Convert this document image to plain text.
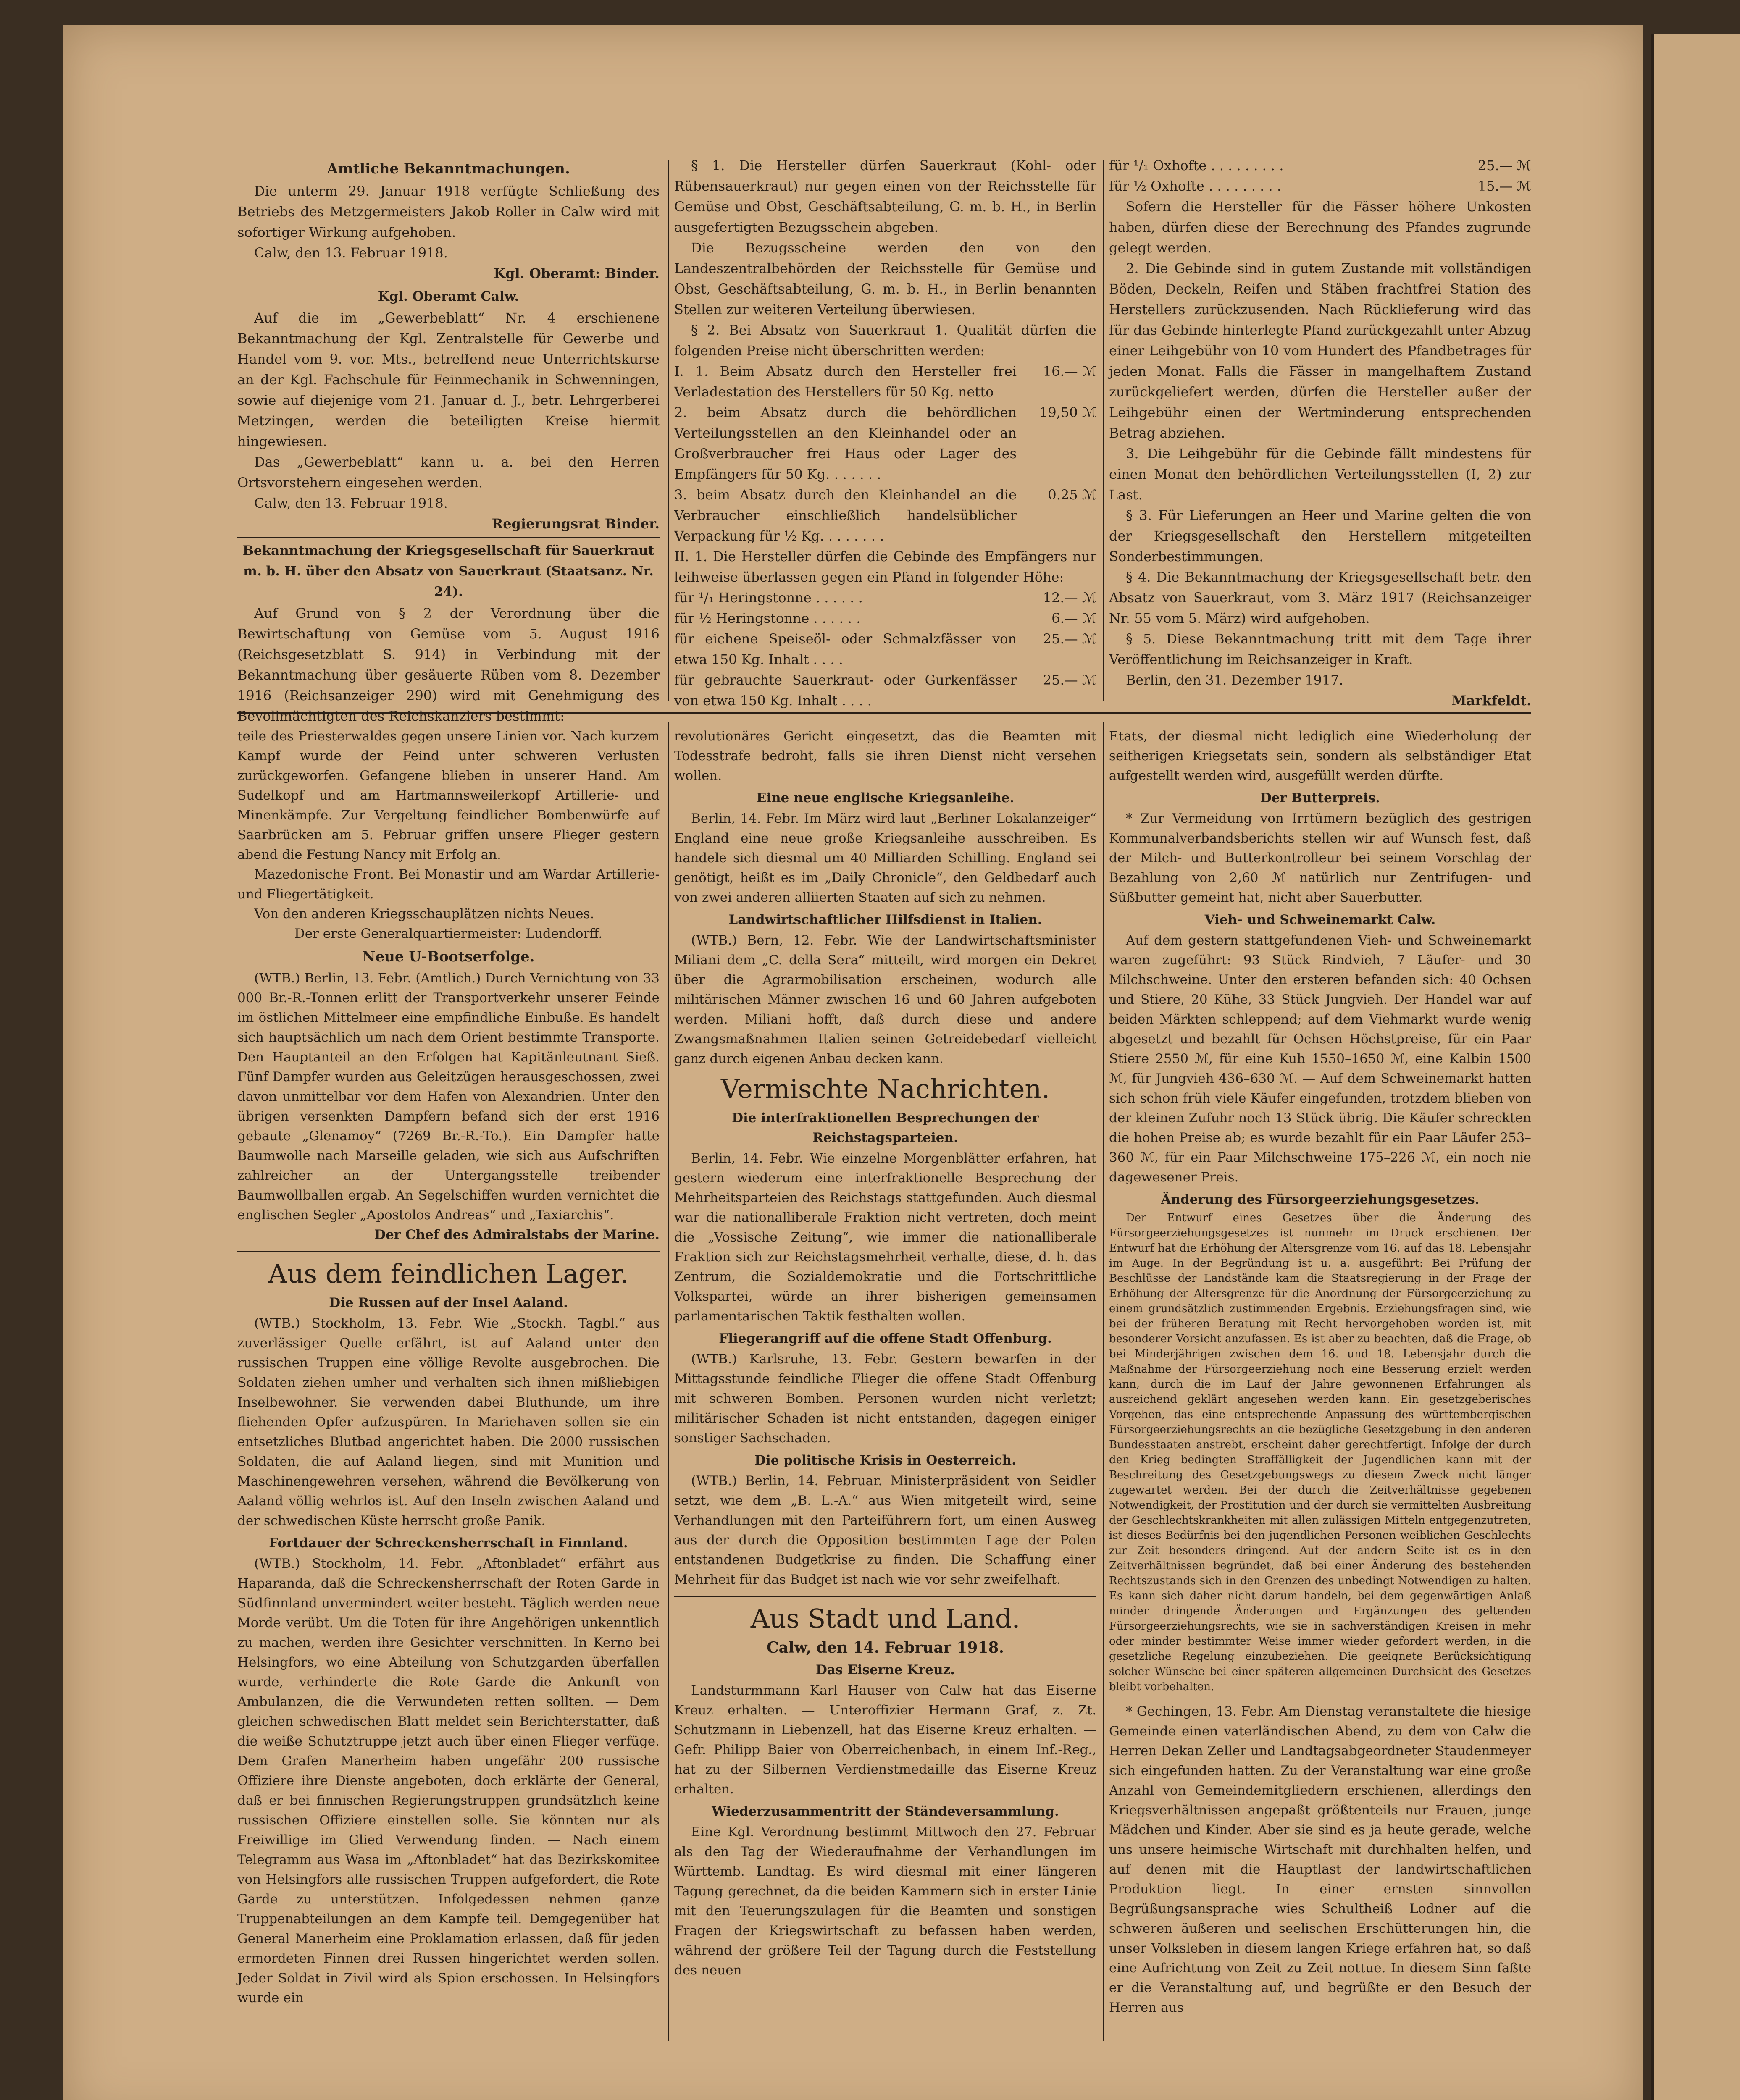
Amtliche Bekanntmachungen.

Die unterm 29. Januar 1918 verfügte Schließung des Betriebs des Metzgermeisters Jakob Roller in Calw wird mit sofortiger Wirkung aufgehoben.

Calw, den 13. Februar 1918.

Kgl. Oberamt: Binder.
Kgl. Oberamt Calw.

Auf die im „Gewerbeblatt“ Nr. 4 erschienene Bekanntmachung der Kgl. Zentralstelle für Gewerbe und Handel vom 9. vor. Mts., betreffend neue Unterrichtskurse an der Kgl. Fachschule für Feinmechanik in Schwenningen, sowie auf diejenige vom 21. Januar d. J., betr. Lehrgerberei Metzingen, werden die beteiligten Kreise hiermit hingewiesen.

Das „Gewerbeblatt“ kann u. a. bei den Herren Ortsvorstehern eingesehen werden.

Calw, den 13. Februar 1918.

Regierungsrat Binder.
Bekanntmachung der Kriegsgesellschaft für Sauerkraut m. b. H. über den Absatz von Sauerkraut (Staatsanz. Nr. 24).

Auf Grund von § 2 der Verordnung über die Bewirtschaftung von Gemüse vom 5. August 1916 (Reichsgesetzblatt S. 914) in Verbindung mit der Bekanntmachung über gesäuerte Rüben vom 8. Dezember 1916 (Reichsanzeiger 290) wird mit Genehmigung des Bevollmächtigten des Reichskanzlers bestimmt:

§ 1. Die Hersteller dürfen Sauerkraut (Kohl- oder Rübensauerkraut) nur gegen einen von der Reichsstelle für Gemüse und Obst, Geschäftsabteilung, G. m. b. H., in Berlin ausgefertigten Bezugsschein abgeben.

Die Bezugsscheine werden den von den Landeszentralbehörden der Reichsstelle für Gemüse und Obst, Geschäftsabteilung, G. m. b. H., in Berlin benannten Stellen zur weiteren Verteilung überwiesen.

§ 2. Bei Absatz von Sauerkraut 1. Qualität dürfen die folgenden Preise nicht überschritten werden:

I. 1. Beim Absatz durch den Hersteller frei Verladestation des Herstellers für 50 Kg. netto
16.— ℳ
2. beim Absatz durch die behördlichen Verteilungsstellen an den Kleinhandel oder an Großverbraucher frei Haus oder Lager des Empfängers für 50 Kg. . . . . . .
19,50 ℳ
3. beim Absatz durch den Kleinhandel an die Verbraucher einschließlich handelsüblicher Verpackung für ½ Kg. . . . . . . .
0.25 ℳ

II. 1. Die Hersteller dürfen die Gebinde des Empfängers nur leihweise überlassen gegen ein Pfand in folgender Höhe:

für ¹/₁ Heringstonne . . . . . .	12.— ℳ
für ½ Heringstonne . . . . . .	6.— ℳ
für eichene Speiseöl- oder Schmalzfässer von etwa 150 Kg. Inhalt . . . .
25.— ℳ
für gebrauchte Sauerkraut- oder Gurkenfässer von etwa 150 Kg. Inhalt . . . .
25.— ℳ
für ¹/₁ Oxhofte . . . . . . . . .	25.— ℳ
für ½ Oxhofte . . . . . . . . .	15.— ℳ

Sofern die Hersteller für die Fässer höhere Unkosten haben, dürfen diese der Berechnung des Pfandes zugrunde gelegt werden.

2. Die Gebinde sind in gutem Zustande mit vollständigen Böden, Deckeln, Reifen und Stäben frachtfrei Station des Herstellers zurückzusenden. Nach Rücklieferung wird das für das Gebinde hinterlegte Pfand zurückgezahlt unter Abzug einer Leihgebühr von 10 vom Hundert des Pfandbetrages für jeden Monat. Falls die Fässer in mangelhaftem Zustand zurückgeliefert werden, dürfen die Hersteller außer der Leihgebühr einen der Wertminderung entsprechenden Betrag abziehen.

3. Die Leihgebühr für die Gebinde fällt mindestens für einen Monat den behördlichen Verteilungsstellen (I, 2) zur Last.

§ 3. Für Lieferungen an Heer und Marine gelten die von der Kriegsgesellschaft den Herstellern mitgeteilten Sonderbestimmungen.

§ 4. Die Bekanntmachung der Kriegsgesellschaft betr. den Absatz von Sauerkraut, vom 3. März 1917 (Reichsanzeiger Nr. 55 vom 5. März) wird aufgehoben.

§ 5. Diese Bekanntmachung tritt mit dem Tage ihrer Veröffentlichung im Reichsanzeiger in Kraft.

Berlin, den 31. Dezember 1917.

Markfeldt.

teile des Priesterwaldes gegen unsere Linien vor. Nach kurzem Kampf wurde der Feind unter schweren Verlusten zurückgeworfen. Gefangene blieben in unserer Hand. Am Sudelkopf und am Hartmannsweilerkopf Artillerie- und Minenkämpfe. Zur Vergeltung feindlicher Bombenwürfe auf Saarbrücken am 5. Februar griffen unsere Flieger gestern abend die Festung Nancy mit Erfolg an.

Mazedonische Front. Bei Monastir und am Wardar Artillerie- und Fliegertätigkeit.

Von den anderen Kriegsschauplätzen nichts Neues.

Der erste Generalquartiermeister: Ludendorff.
Neue U-Bootserfolge.

(WTB.) Berlin, 13. Febr. (Amtlich.) Durch Vernichtung von 33 000 Br.-R.-Tonnen erlitt der Transportverkehr unserer Feinde im östlichen Mittelmeer eine empfindliche Einbuße. Es handelt sich hauptsächlich um nach dem Orient bestimmte Transporte. Den Hauptanteil an den Erfolgen hat Kapitänleutnant Sieß. Fünf Dampfer wurden aus Geleitzügen herausgeschossen, zwei davon unmittelbar vor dem Hafen von Alexandrien. Unter den übrigen versenkten Dampfern befand sich der erst 1916 gebaute „Glenamoy“ (7269 Br.-R.-To.). Ein Dampfer hatte Baumwolle nach Marseille geladen, wie sich aus Aufschriften zahlreicher an der Untergangsstelle treibender Baumwollballen ergab. An Segelschiffen wurden vernichtet die englischen Segler „Apostolos Andreas“ und „Taxiarchis“.

Der Chef des Admiralstabs der Marine.
Aus dem feindlichen Lager.
Die Russen auf der Insel Aaland.

(WTB.) Stockholm, 13. Febr. Wie „Stockh. Tagbl.“ aus zuverlässiger Quelle erfährt, ist auf Aaland unter den russischen Truppen eine völlige Revolte ausgebrochen. Die Soldaten ziehen umher und verhalten sich ihnen mißliebigen Inselbewohner. Sie verwenden dabei Bluthunde, um ihre fliehenden Opfer aufzuspüren. In Mariehaven sollen sie ein entsetzliches Blutbad angerichtet haben. Die 2000 russischen Soldaten, die auf Aaland liegen, sind mit Munition und Maschinengewehren versehen, während die Bevölkerung von Aaland völlig wehrlos ist. Auf den Inseln zwischen Aaland und der schwedischen Küste herrscht große Panik.

Fortdauer der Schreckensherrschaft in Finnland.

(WTB.) Stockholm, 14. Febr. „Aftonbladet“ erfährt aus Haparanda, daß die Schreckensherrschaft der Roten Garde in Südfinnland unvermindert weiter besteht. Täglich werden neue Morde verübt. Um die Toten für ihre Angehörigen unkenntlich zu machen, werden ihre Gesichter verschnitten. In Kerno bei Helsingfors, wo eine Abteilung von Schutzgarden überfallen wurde, verhinderte die Rote Garde die Ankunft von Ambulanzen, die die Verwundeten retten sollten. — Dem gleichen schwedischen Blatt meldet sein Berichterstatter, daß die weiße Schutztruppe jetzt auch über einen Flieger verfüge. Dem Grafen Manerheim haben ungefähr 200 russische Offiziere ihre Dienste angeboten, doch erklärte der General, daß er bei finnischen Regierungstruppen grundsätzlich keine russischen Offiziere einstellen solle. Sie könnten nur als Freiwillige im Glied Verwendung finden. — Nach einem Telegramm aus Wasa im „Aftonbladet“ hat das Bezirkskomitee von Helsingfors alle russischen Truppen aufgefordert, die Rote Garde zu unterstützen. Infolgedessen nehmen ganze Truppenabteilungen an dem Kampfe teil. Demgegenüber hat General Manerheim eine Proklamation erlassen, daß für jeden ermordeten Finnen drei Russen hingerichtet werden sollen. Jeder Soldat in Zivil wird als Spion erschossen. In Helsingfors wurde ein

revolutionäres Gericht eingesetzt, das die Beamten mit Todesstrafe bedroht, falls sie ihren Dienst nicht versehen wollen.

Eine neue englische Kriegsanleihe.

Berlin, 14. Febr. Im März wird laut „Berliner Lokalanzeiger“ England eine neue große Kriegsanleihe ausschreiben. Es handele sich diesmal um 40 Milliarden Schilling. England sei genötigt, heißt es im „Daily Chronicle“, den Geldbedarf auch von zwei anderen alliierten Staaten auf sich zu nehmen.

Landwirtschaftlicher Hilfsdienst in Italien.

(WTB.) Bern, 12. Febr. Wie der Landwirtschaftsminister Miliani dem „C. della Sera“ mitteilt, wird morgen ein Dekret über die Agrarmobilisation erscheinen, wodurch alle militärischen Männer zwischen 16 und 60 Jahren aufgeboten werden. Miliani hofft, daß durch diese und andere Zwangsmaßnahmen Italien seinen Getreidebedarf vielleicht ganz durch eigenen Anbau decken kann.

Vermischte Nachrichten.
Die interfraktionellen Besprechungen der Reichstagsparteien.

Berlin, 14. Febr. Wie einzelne Morgenblätter erfahren, hat gestern wiederum eine interfraktionelle Besprechung der Mehrheitsparteien des Reichstags stattgefunden. Auch diesmal war die nationalliberale Fraktion nicht vertreten, doch meint die „Vossische Zeitung“, wie immer die nationalliberale Fraktion sich zur Reichstagsmehrheit verhalte, diese, d. h. das Zentrum, die Sozialdemokratie und die Fortschrittliche Volkspartei, würde an ihrer bisherigen gemeinsamen parlamentarischen Taktik festhalten wollen.

Fliegerangriff auf die offene Stadt Offenburg.

(WTB.) Karlsruhe, 13. Febr. Gestern bewarfen in der Mittagsstunde feindliche Flieger die offene Stadt Offenburg mit schweren Bomben. Personen wurden nicht verletzt; militärischer Schaden ist nicht entstanden, dagegen einiger sonstiger Sachschaden.

Die politische Krisis in Oesterreich.

(WTB.) Berlin, 14. Februar. Ministerpräsident von Seidler setzt, wie dem „B. L.-A.“ aus Wien mitgeteilt wird, seine Verhandlungen mit den Parteiführern fort, um einen Ausweg aus der durch die Opposition bestimmten Lage der Polen entstandenen Budgetkrise zu finden. Die Schaffung einer Mehrheit für das Budget ist nach wie vor sehr zweifelhaft.

Aus Stadt und Land.
Calw, den 14. Februar 1918.
Das Eiserne Kreuz.

Landsturmmann Karl Hauser von Calw hat das Eiserne Kreuz erhalten. — Unteroffizier Hermann Graf, z. Zt. Schutzmann in Liebenzell, hat das Eiserne Kreuz erhalten. — Gefr. Philipp Baier von Oberreichenbach, in einem Inf.-Reg., hat zu der Silbernen Verdienstmedaille das Eiserne Kreuz erhalten.

Wiederzusammentritt der Ständeversammlung.

Eine Kgl. Verordnung bestimmt Mittwoch den 27. Februar als den Tag der Wiederaufnahme der Verhandlungen im Württemb. Landtag. Es wird diesmal mit einer längeren Tagung gerechnet, da die beiden Kammern sich in erster Linie mit den Teuerungszulagen für die Beamten und sonstigen Fragen der Kriegswirtschaft zu befassen haben werden, während der größere Teil der Tagung durch die Feststellung des neuen

Etats, der diesmal nicht lediglich eine Wiederholung der seitherigen Kriegsetats sein, sondern als selbständiger Etat aufgestellt werden wird, ausgefüllt werden dürfte.

Der Butterpreis.

* Zur Vermeidung von Irrtümern bezüglich des gestrigen Kommunalverbandsberichts stellen wir auf Wunsch fest, daß der Milch- und Butterkontrolleur bei seinem Vorschlag der Bezahlung von 2,60 ℳ natürlich nur Zentrifugen- und Süßbutter gemeint hat, nicht aber Sauerbutter.

Vieh- und Schweinemarkt Calw.

Auf dem gestern stattgefundenen Vieh- und Schweinemarkt waren zugeführt: 93 Stück Rindvieh, 7 Läufer- und 30 Milchschweine. Unter den ersteren befanden sich: 40 Ochsen und Stiere, 20 Kühe, 33 Stück Jungvieh. Der Handel war auf beiden Märkten schleppend; auf dem Viehmarkt wurde wenig abgesetzt und bezahlt für Ochsen Höchstpreise, für ein Paar Stiere 2550 ℳ, für eine Kuh 1550–1650 ℳ, eine Kalbin 1500 ℳ, für Jungvieh 436–630 ℳ. — Auf dem Schweinemarkt hatten sich schon früh viele Käufer eingefunden, trotzdem blieben von der kleinen Zufuhr noch 13 Stück übrig. Die Käufer schreckten die hohen Preise ab; es wurde bezahlt für ein Paar Läufer 253–360 ℳ, für ein Paar Milchschweine 175–226 ℳ, ein noch nie dagewesener Preis.

Änderung des Fürsorgeerziehungsgesetzes.

Der Entwurf eines Gesetzes über die Änderung des Fürsorgeerziehungsgesetzes ist nunmehr im Druck erschienen. Der Entwurf hat die Erhöhung der Altersgrenze vom 16. auf das 18. Lebensjahr im Auge. In der Begründung ist u. a. ausgeführt: Bei Prüfung der Beschlüsse der Landstände kam die Staatsregierung in der Frage der Erhöhung der Altersgrenze für die Anordnung der Fürsorgeerziehung zu einem grundsätzlich zustimmenden Ergebnis. Erziehungsfragen sind, wie bei der früheren Beratung mit Recht hervorgehoben worden ist, mit besonderer Vorsicht anzufassen. Es ist aber zu beachten, daß die Frage, ob bei Minderjährigen zwischen dem 16. und 18. Lebensjahr durch die Maßnahme der Fürsorgeerziehung noch eine Besserung erzielt werden kann, durch die im Lauf der Jahre gewonnenen Erfahrungen als ausreichend geklärt angesehen werden kann. Ein gesetzgeberisches Vorgehen, das eine entsprechende Anpassung des württembergischen Fürsorgeerziehungsrechts an die bezügliche Gesetzgebung in den anderen Bundesstaaten anstrebt, erscheint daher gerechtfertigt. Infolge der durch den Krieg bedingten Straffälligkeit der Jugendlichen kann mit der Beschreitung des Gesetzgebungswegs zu diesem Zweck nicht länger zugewartet werden. Bei der durch die Zeitverhältnisse gegebenen Notwendigkeit, der Prostitution und der durch sie vermittelten Ausbreitung der Geschlechtskrankheiten mit allen zulässigen Mitteln entgegenzutreten, ist dieses Bedürfnis bei den jugendlichen Personen weiblichen Geschlechts zur Zeit besonders dringend. Auf der andern Seite ist es in den Zeitverhältnissen begründet, daß bei einer Änderung des bestehenden Rechtszustands sich in den Grenzen des unbedingt Notwendigen zu halten. Es kann sich daher nicht darum handeln, bei dem gegenwärtigen Anlaß minder dringende Änderungen und Ergänzungen des geltenden Fürsorgeerziehungsrechts, wie sie in sachverständigen Kreisen in mehr oder minder bestimmter Weise immer wieder gefordert werden, in die gesetzliche Regelung einzubeziehen. Die geeignete Berücksichtigung solcher Wünsche bei einer späteren allgemeinen Durchsicht des Gesetzes bleibt vorbehalten.

* Gechingen, 13. Febr. Am Dienstag veranstaltete die hiesige Gemeinde einen vaterländischen Abend, zu dem von Calw die Herren Dekan Zeller und Landtagsabgeordneter Staudenmeyer sich eingefunden hatten. Zu der Veranstaltung war eine große Anzahl von Gemeindemitgliedern erschienen, allerdings den Kriegsverhältnissen angepaßt größtenteils nur Frauen, junge Mädchen und Kinder. Aber sie sind es ja heute gerade, welche uns unsere heimische Wirtschaft mit durchhalten helfen, und auf denen mit die Hauptlast der landwirtschaftlichen Produktion liegt. In einer ernsten sinnvollen Begrüßungsansprache wies Schultheiß Lodner auf die schweren äußeren und seelischen Erschütterungen hin, die unser Volksleben in diesem langen Kriege erfahren hat, so daß eine Aufrichtung von Zeit zu Zeit nottue. In diesem Sinn faßte er die Veranstaltung auf, und begrüßte er den Besuch der Herren aus
